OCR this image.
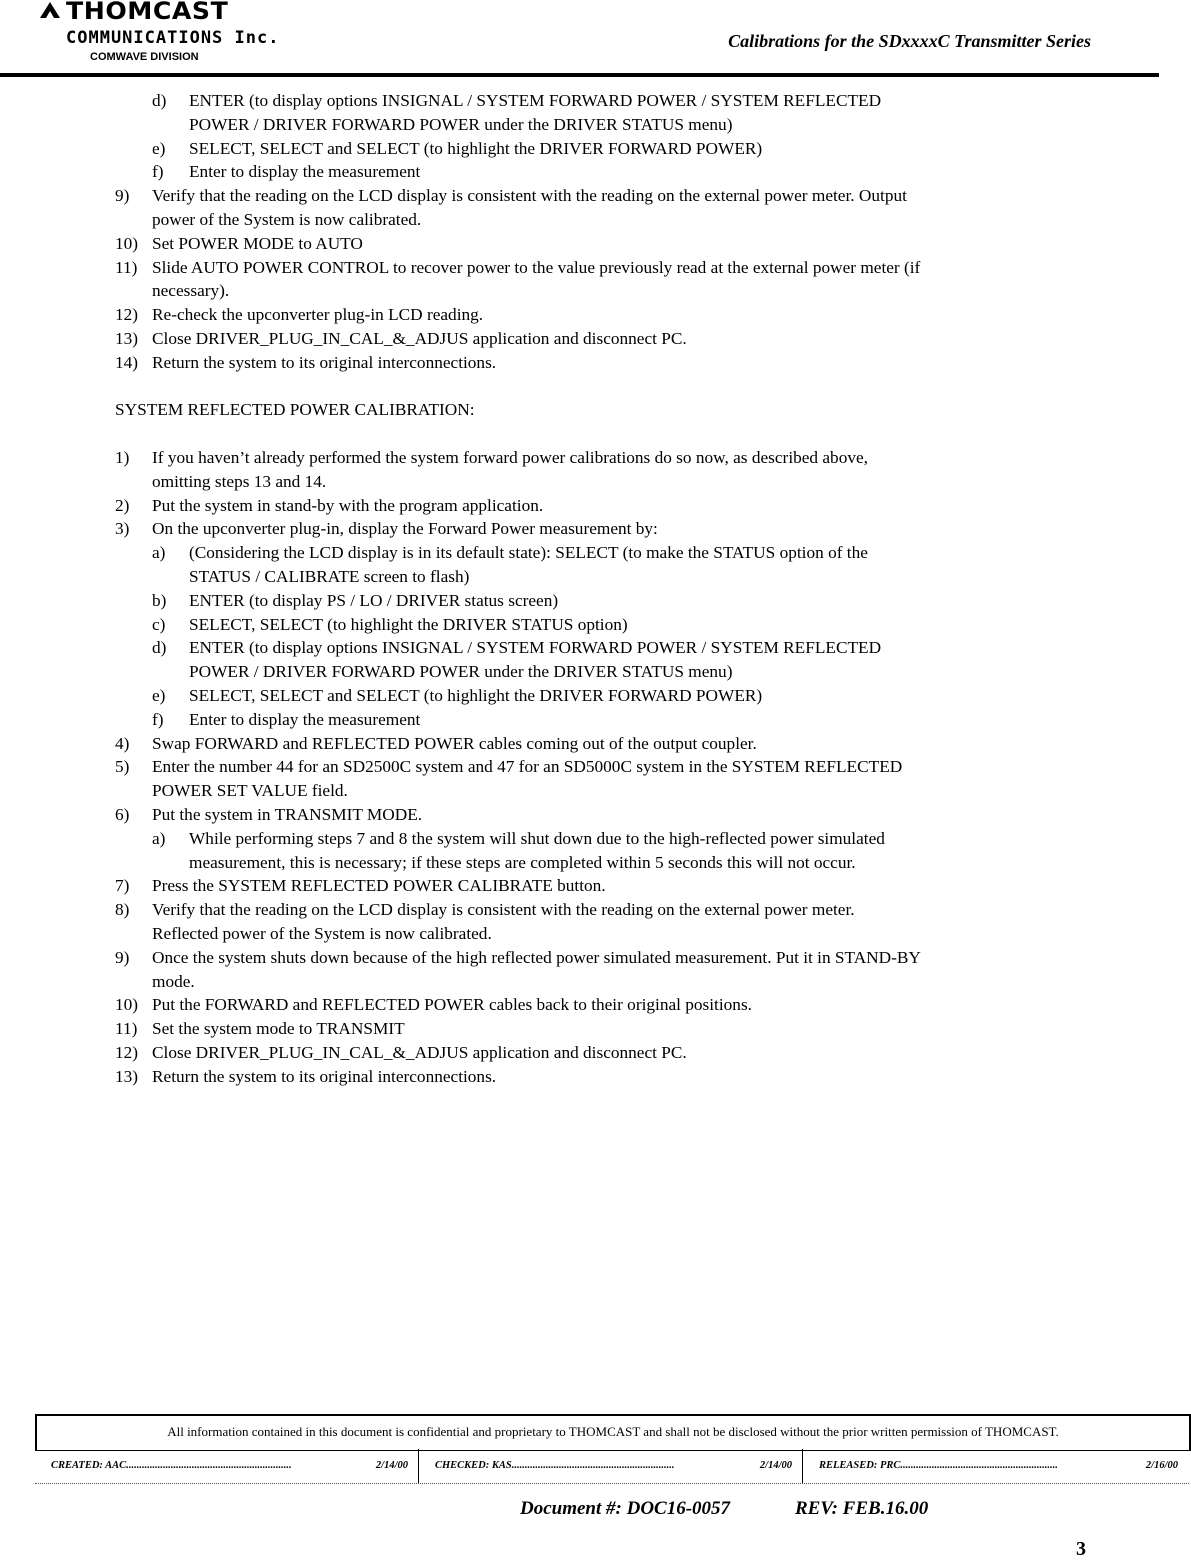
THOMCAST
COMMUNICATIONS Inc.
COMWAVE DIVISION
Calibrations for the SDxxxxC Transmitter Series
d) ENTER (to display options INSIGNAL / SYSTEM FORWARD POWER / SYSTEM REFLECTED
POWER / DRIVER FORWARD POWER under the DRIVER STATUS menu)
e) SELECT, SELECT and SELECT (to highlight the DRIVER FORWARD POWER)
f) Enter to display the measurement
9) Verify that the reading on the LCD display is consistent with the reading on the external power meter. Output
power of the System is now calibrated.
10) Set POWER MODE to AUTO
11) Slide AUTO POWER CONTROL to recover power to the value previously read at the external power meter (if
necessary).
12) Re-check the upconverter plug-in LCD reading.
13) Close DRIVER_PLUG_IN_CAL_&_ADJUS application and disconnect PC.
14) Return the system to its original interconnections.
SYSTEM REFLECTED POWER CALIBRATION:
1) If you haven’t already performed the system forward power calibrations do so now, as described above,
omitting steps 13 and 14.
2) Put the system in stand-by with the program application.
3) On the upconverter plug-in, display the Forward Power measurement by:
a) (Considering the LCD display is in its default state): SELECT (to make the STATUS option of the
STATUS / CALIBRATE screen to flash)
b) ENTER (to display PS / LO / DRIVER status screen)
c) SELECT, SELECT (to highlight the DRIVER STATUS option)
d) ENTER (to display options INSIGNAL / SYSTEM FORWARD POWER / SYSTEM REFLECTED
POWER / DRIVER FORWARD POWER under the DRIVER STATUS menu)
e) SELECT, SELECT and SELECT (to highlight the DRIVER FORWARD POWER)
f) Enter to display the measurement
4) Swap FORWARD and REFLECTED POWER cables coming out of the output coupler.
5) Enter the number 44 for an SD2500C system and 47 for an SD5000C system in the SYSTEM REFLECTED
POWER SET VALUE field.
6) Put the system in TRANSMIT MODE.
a) While performing steps 7 and 8 the system will shut down due to the high-reflected power simulated
measurement, this is necessary; if these steps are completed within 5 seconds this will not occur.
7) Press the SYSTEM REFLECTED POWER CALIBRATE button.
8) Verify that the reading on the LCD display is consistent with the reading on the external power meter.
Reflected power of the System is now calibrated.
9) Once the system shuts down because of the high reflected power simulated measurement. Put it in STAND-BY
mode.
10) Put the FORWARD and REFLECTED POWER cables back to their original positions.
11) Set the system mode to TRANSMIT
12) Close DRIVER_PLUG_IN_CAL_&_ADJUS application and disconnect PC.
13) Return the system to its original interconnections.
All information contained in this document is confidential and proprietary to THOMCAST and shall not be disclosed without the prior written permission of THOMCAST.
CREATED: AAC...............................................................	2/14/00	CHECKED: KAS..............................................................	2/14/00	RELEASED: PRC............................................................	2/16/00
Document #: DOC16-0057	REV: FEB.16.00
3
